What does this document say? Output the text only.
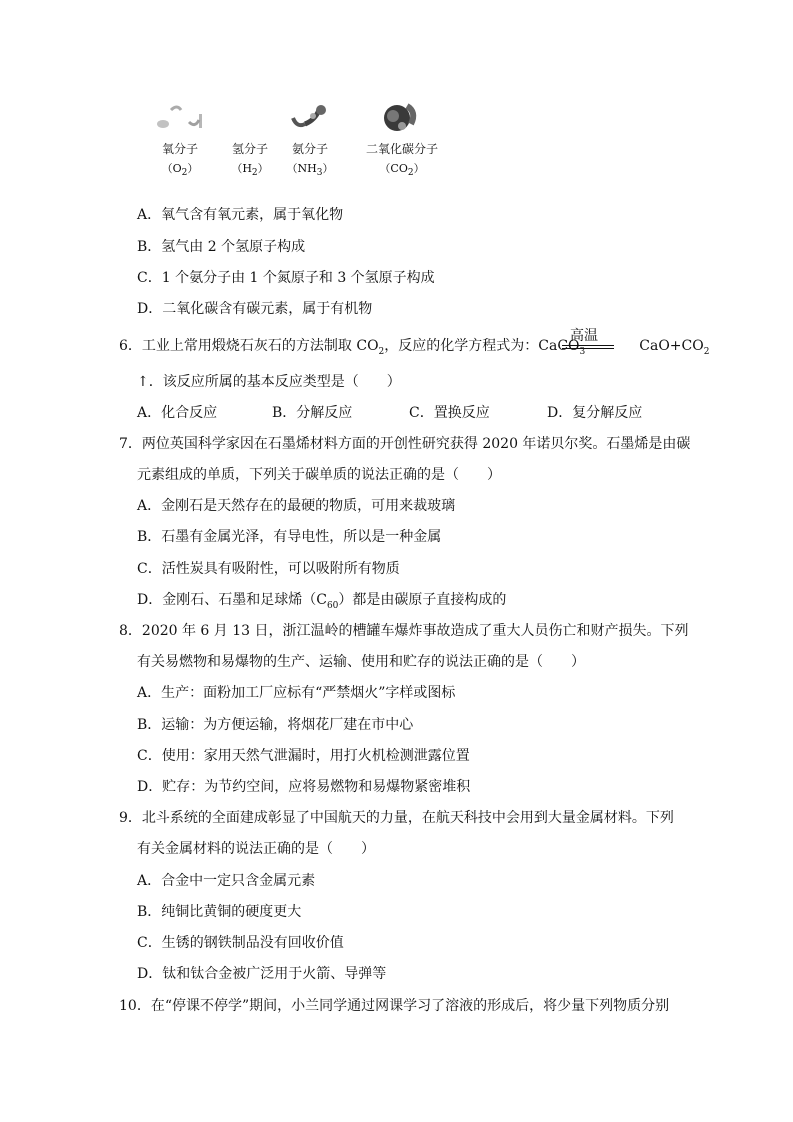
氧分子
$(O_2)$
氢分子
$(H_2)$
氨分子
$(NH_3)$
二氧化碳分子
$(CO_2)$
A．氧气含有氧元素，属于氧化物
B．氢气由 2 个氢原子构成
C．1 个氨分子由 1 个氮原子和 3 个氢原子构成
D．二氧化碳含有碳元素，属于有机物
6．工业上常用煅烧石灰石的方法制取 $CO_2$，反应的化学方程式为：CaCO$_3$	$CaO+CO_2$
高温
↑．该反应所属的基本反应类型是（　　）
A．化合反应	B．分解反应	C．置换反应	D．复分解反应
7．两位英国科学家因在石墨烯材料方面的开创性研究获得 2020 年诺贝尔奖。石墨烯是由碳
元素组成的单质，下列关于碳单质的说法正确的是（　　）
A．金刚石是天然存在的最硬的物质，可用来裁玻璃
B．石墨有金属光泽，有导电性，所以是一种金属
C．活性炭具有吸附性，可以吸附所有物质
D．金刚石、石墨和足球烯$(C_{60})$都是由碳原子直接构成的
8．2020 年 6 月 13 日，浙江温岭的槽罐车爆炸事故造成了重大人员伤亡和财产损失。下列
有关易燃物和易爆物的生产、运输、使用和贮存的说法正确的是（　　）
A．生产：面粉加工厂应标有“严禁烟火”字样或图标
B．运输：为方便运输，将烟花厂建在市中心
C．使用：家用天然气泄漏时，用打火机检测泄露位置
D．贮存：为节约空间，应将易燃物和易爆物紧密堆积
9．北斗系统的全面建成彰显了中国航天的力量，在航天科技中会用到大量金属材料。下列
有关金属材料的说法正确的是（　　）
A．合金中一定只含金属元素
B．纯铜比黄铜的硬度更大
C．生锈的钢铁制品没有回收价值
D．钛和钛合金被广泛用于火箭、导弹等
10．在“停课不停学”期间，小兰同学通过网课学习了溶液的形成后，将少量下列物质分别
